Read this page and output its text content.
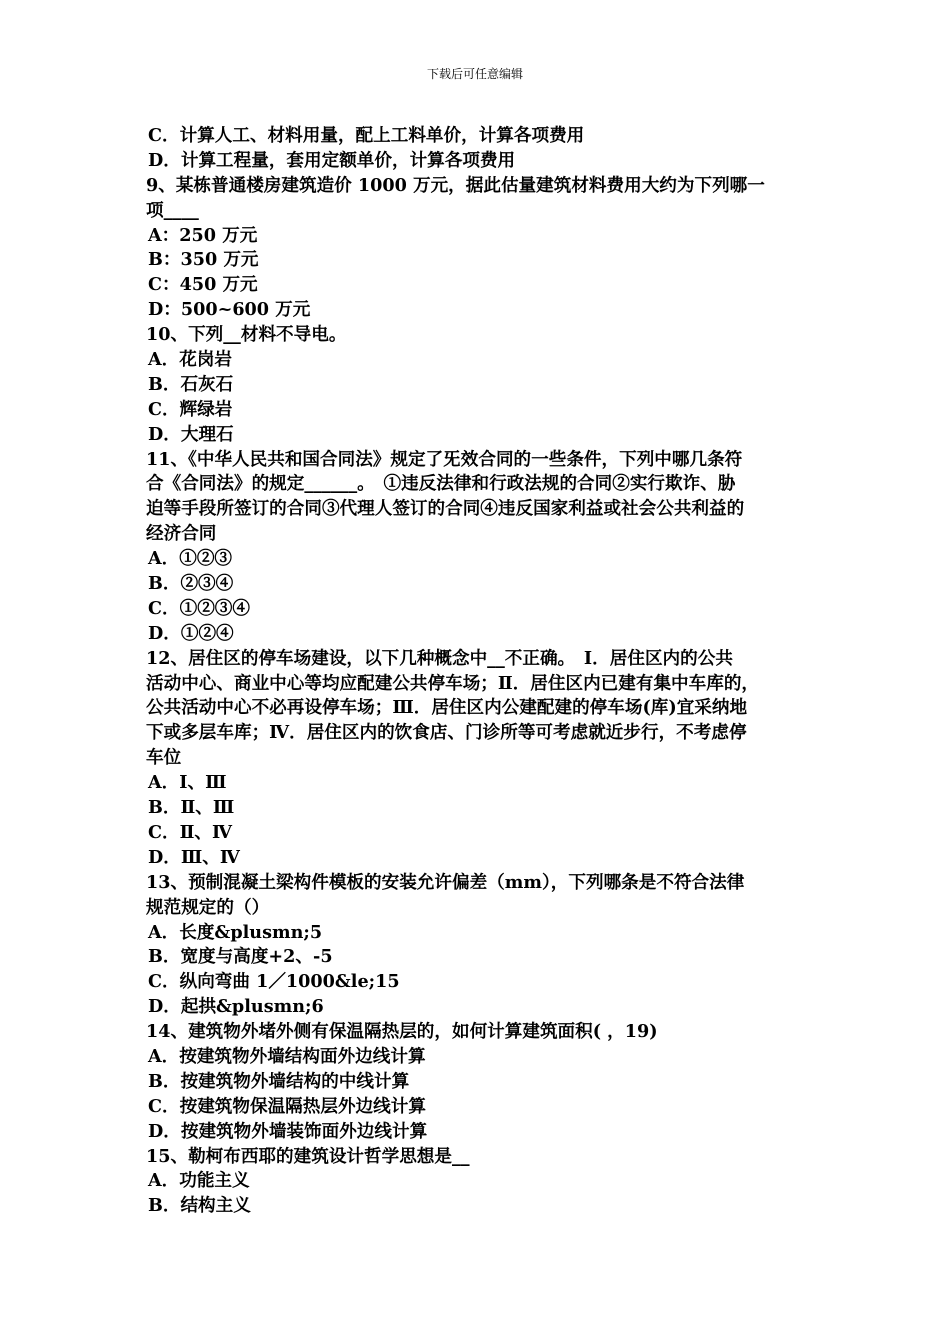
下载后可任意编辑
C．计算人工、材料用量，配上工料单价，计算各项费用
D．计算工程量，套用定额单价，计算各项费用
9、某栋普通楼房建筑造价 1000 万元，据此估量建筑材料费用大约为下列哪一
项____
A：250 万元
B：350 万元
C：450 万元
D：500~600 万元
10、下列__材料不导电。
A．花岗岩
B．石灰石
C．辉绿岩
D．大理石
11、《中华人民共和国合同法》规定了旡效合同的一些条件，下列中哪几条符
合《合同法》的规定______。　①违反法律和行政法规的合同②实行欺诈、胁
迫等手段所签订的合同③代理人签订的合同④违反国家利益或社会公共利益的
经济合同
A．①②③
B．②③④
C．①②③④
D．①②④
12、居住区的停车场建设，以下几种概念中__不正确。　Ⅰ．居住区内的公共
活动中心、商业中心等均应配建公共停车场；Ⅱ．居住区内已建有集中车库的，
公共活动中心不必再设停车场；Ⅲ．居住区内公建配建的停车场(库)宜采纳地
下或多层车库；Ⅳ．居住区内的饮食店、门诊所等可考虑就近步行，不考虑停
车位
A．Ⅰ、Ⅲ
B．Ⅱ、Ⅲ
C．Ⅱ、Ⅳ
D．Ⅲ、Ⅳ
13、预制混凝土梁构件模板的安装允许偏差（mm），下列哪条是不符合法律
规范规定的（）
A．长度&plusmn;5
B．宽度与高度+2、-5
C．纵向弯曲 1／1000&le;15
D．起拱&plusmn;6
14、建筑物外堵外侧有保温隔热层的，如何计算建筑面积( ，19)
A．按建筑物外墙结构面外边线计算
B．按建筑物外墙结构的中线计算
C．按建筑物保温隔热层外边线计算
D．按建筑物外墙装饰面外边线计算
15、勒柯布西耶的建筑设计哲学思想是__
A．功能主义
B．结构主义
